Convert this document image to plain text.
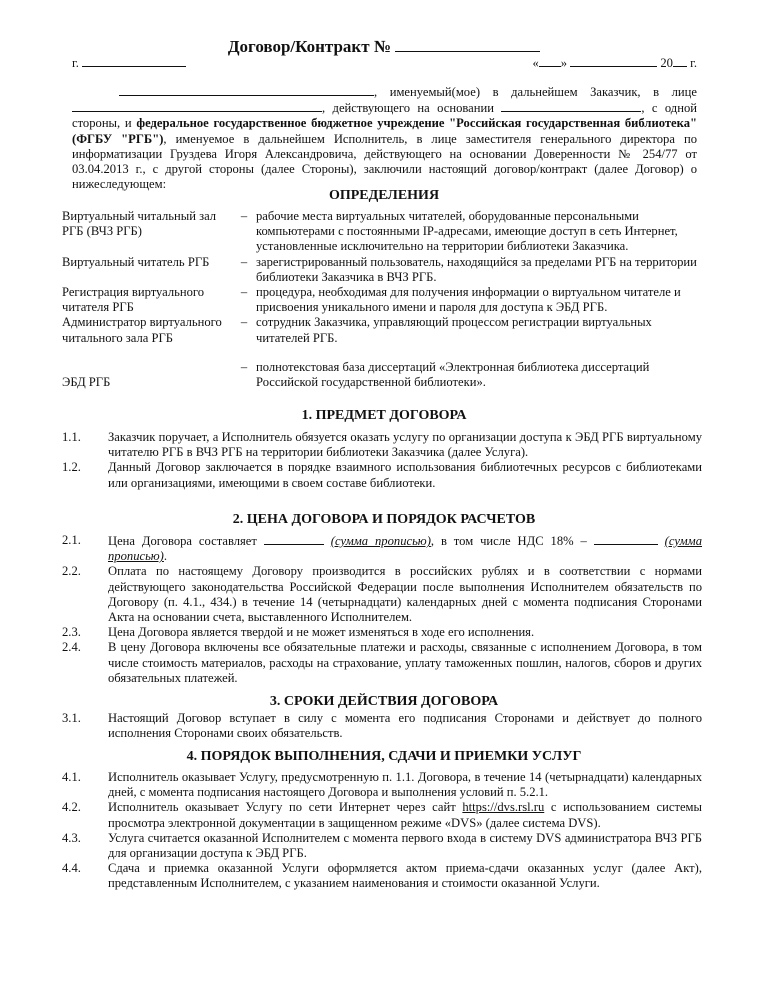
Договор/Контракт №
г.	« »	20 г.

, именуемый(мое) в дальнейшем Заказчик, в лице , действующего на основании	, с одной стороны, и федеральное государственное бюджетное учреждение "Российская государственная библиотека" (ФГБУ "РГБ"), именуемое в дальнейшем Исполнитель, в лице заместителя генерального директора по информатизации Груздева Игоря Александровича, действующего на основании Доверенности № 254/77 от 03.04.2013 г., с другой стороны (далее Стороны), заключили настоящий договор/контракт (далее Договор) о нижеследующем:

ОПРЕДЕЛЕНИЯ
Виртуальный читальный зал РГБ (ВЧЗ РГБ)
– рабочие места виртуальных читателей, оборудованные персональными компьютерами с постоянными IP-адресами, имеющие доступ в сеть Интернет, установленные исключительно на территории библиотеки Заказчика.
Виртуальный читатель РГБ	– зарегистрированный пользователь, находящийся за пределами РГБ на территории библиотеки Заказчика в ВЧЗ РГБ.
Регистрация виртуального читателя РГБ
– процедура, необходимая для получения информации о виртуальном читателе и присвоения уникального имени и пароля для доступа к ЭБД РГБ.
Администратор виртуального читального зала РГБ
– сотрудник Заказчика, управляющий процессом регистрации виртуальных читателей РГБ.
ЭБД РГБ
– полнотекстовая база диссертаций «Электронная библиотека диссертаций Российской государственной библиотеки».
1. ПРЕДМЕТ ДОГОВОРА
1.1.	Заказчик поручает, а Исполнитель обязуется оказать услугу по организации доступа к ЭБД РГБ виртуальному читателю РГБ в ВЧЗ РГБ на территории библиотеки Заказчика (далее Услуга).
1.2.	Данный Договор заключается в порядке взаимного использования библиотечных ресурсов с библиотеками или организациями, имеющими в своем составе библиотеки.
2. ЦЕНА ДОГОВОРА И ПОРЯДОК РАСЧЕТОВ
2.1.	Цена Договора составляет	(сумма прописью), в том числе НДС 18% –	(сумма прописью).
2.2.	Оплата по настоящему Договору производится в российских рублях и в соответствии с нормами действующего законодательства Российской Федерации после выполнения Исполнителем обязательств по Договору (п. 4.1., 434.) в течение 14 (четырнадцати) календарных дней с момента подписания Сторонами Акта на основании счета, выставленного Исполнителем.
2.3.	Цена Договора является твердой и не может изменяться в ходе его исполнения.
2.4.	В цену Договора включены все обязательные платежи и расходы, связанные с исполнением Договора, в том числе стоимость материалов, расходы на страхование, уплату таможенных пошлин, налогов, сборов и других обязательных платежей.
3. СРОКИ ДЕЙСТВИЯ ДОГОВОРА
3.1.	Настоящий Договор вступает в силу с момента его подписания Сторонами и действует до полного исполнения Сторонами своих обязательств.
4. ПОРЯДОК ВЫПОЛНЕНИЯ, СДАЧИ И ПРИЕМКИ УСЛУГ
4.1.	Исполнитель оказывает Услугу, предусмотренную п. 1.1. Договора, в течение 14 (четырнадцати) календарных дней, с момента подписания настоящего Договора и выполнения условий п. 5.2.1.
4.2.	Исполнитель оказывает Услугу по сети Интернет через сайт https://dvs.rsl.ru с использованием системы просмотра электронной документации в защищенном режиме «DVS» (далее система DVS).
4.3.	Услуга считается оказанной Исполнителем с момента первого входа в систему DVS администратора ВЧЗ РГБ для организации доступа к ЭБД РГБ.
4.4.	Сдача и приемка оказанной Услуги оформляется актом приема-сдачи оказанных услуг (далее Акт), представленным Исполнителем, с указанием наименования и стоимости оказанной Услуги.
